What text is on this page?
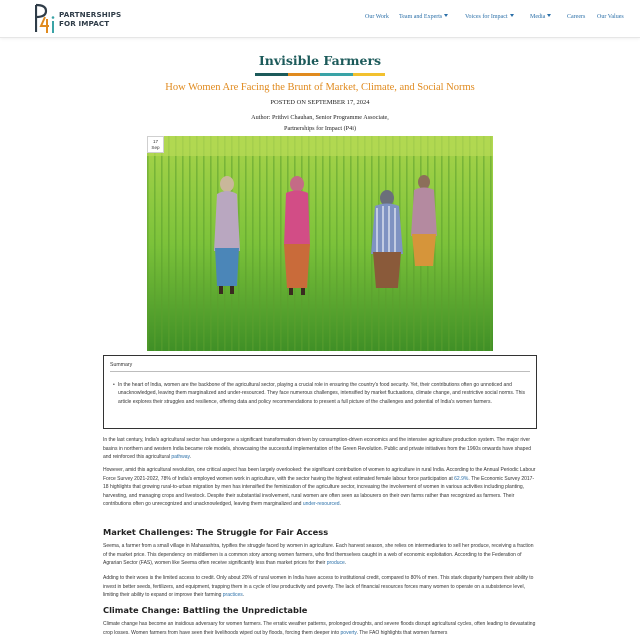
PARTNERSHIPS
FOR IMPACT
Our Work Team and Experts	Voices for Impact	Media	Careers Our Values
Invisible Farmers
How Women Are Facing the Brunt of Market, Climate, and Social Norms
POSTED ON SEPTEMBER 17, 2024
Author: Prithvi Chauhan, Senior Programme Associate,
Partnerships for Impact (P4i)
17
Sep
Summary
• In the heart of India, women are the backbone of the agricultural sector, playing a crucial role in ensuring the country's food security. Yet, their contributions often go unnoticed and unacknowledged, leaving them marginalized and under-resourced. They face numerous challenges, intensified by market fluctuations, climate change, and restrictive social norms. This article explores their struggles and resilience, offering data and policy recommendations to present a full picture of the challenges and potential of India's women farmers.
In the last century, India's agricultural sector has undergone a significant transformation driven by consumption-driven economics and the intensive agriculture production system. The major river basins in northern and western India became role models, showcasing the successful implementation of the Green Revolution. Public and private initiatives from the 1960s onwards have shaped and reinforced this agricultural pathway.
However, amid this agricultural revolution, one critical aspect has been largely overlooked: the significant contribution of women to agriculture in rural India. According to the Annual Periodic Labour Force Survey 2021-2022, 78% of India's employed women work in agriculture, with the sector having the highest estimated female labour force participation at 62.9%. The Economic Survey 2017-18 highlights that growing rural-to-urban migration by men has intensified the feminization of the agriculture sector, increasing the involvement of women in various activities including planting, harvesting, and managing crops and livestock. Despite their substantial involvement, rural women are often seen as labourers on their own farms rather than recognized as farmers. Their contributions often go unrecognized and unacknowledged, leaving them marginalized and under-resourced.
Market Challenges: The Struggle for Fair Access
Seema, a farmer from a small village in Maharashtra, typifies the struggle faced by women in agriculture. Each harvest season, she relies on intermediaries to sell her produce, receiving a fraction of the market price. This dependency on middlemen is a common story among women farmers, who find themselves caught in a web of economic exploitation. According to the Federation of Agrarian Sector (FAS), women like Seema often receive significantly less than market prices for their produce.
Adding to their woes is the limited access to credit. Only about 20% of rural women in India have access to institutional credit, compared to 80% of men. This stark disparity hampers their ability to invest in better seeds, fertilizers, and equipment, trapping them in a cycle of low productivity and poverty. The lack of financial resources forces many women to operate on a subsistence level, limiting their ability to expand or improve their farming practices.
Climate Change: Battling the Unpredictable
Climate change has become an insidious adversary for women farmers. The erratic weather patterns, prolonged droughts, and severe floods disrupt agricultural cycles, often leading to devastating crop losses. Women farmers from have seen their livelihoods wiped out by floods, forcing them deeper into poverty. The FAO highlights that women farmers
